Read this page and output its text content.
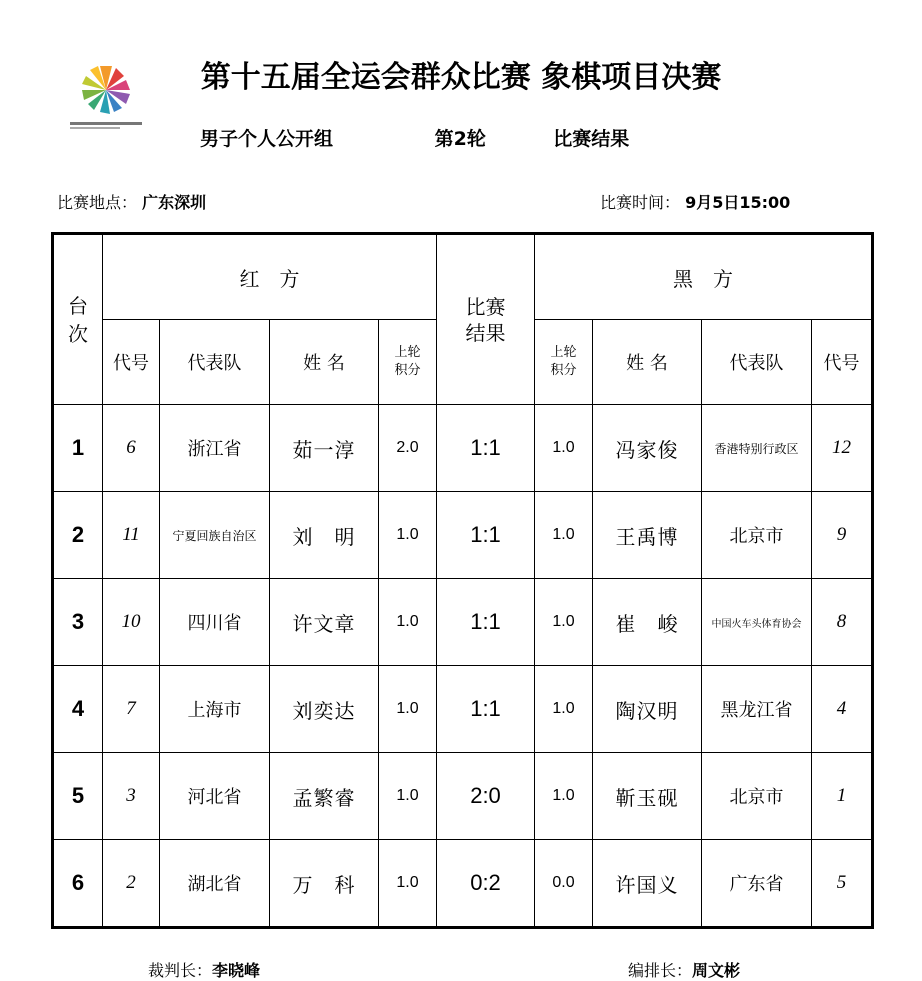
第十五届全运会群众比赛 象棋项目决赛
男子个人公开组	第2轮	比赛结果
比赛地点： 广东深圳	比赛时间： 9月5日15:00
台次	红　方				比赛结果	黑　方			
	代号	代表队	姓 名	上轮积分		上轮积分	姓 名	代表队	代号
1	6	浙江省	茹一淳	2.0	1:1	1.0	冯家俊	香港特别行政区	12
2	11	宁夏回族自治区	刘　明	1.0	1:1	1.0	王禹博	北京市	9
3	10	四川省	许文章	1.0	1:1	1.0	崔　峻	中国火车头体育协会	8
4	7	上海市	刘奕达	1.0	1:1	1.0	陶汉明	黑龙江省	4
5	3	河北省	孟繁睿	1.0	2:0	1.0	靳玉砚	北京市	1
6	2	湖北省	万　科	1.0	0:2	0.0	许国义	广东省	5
裁判长：李晓峰	编排长：周文彬
